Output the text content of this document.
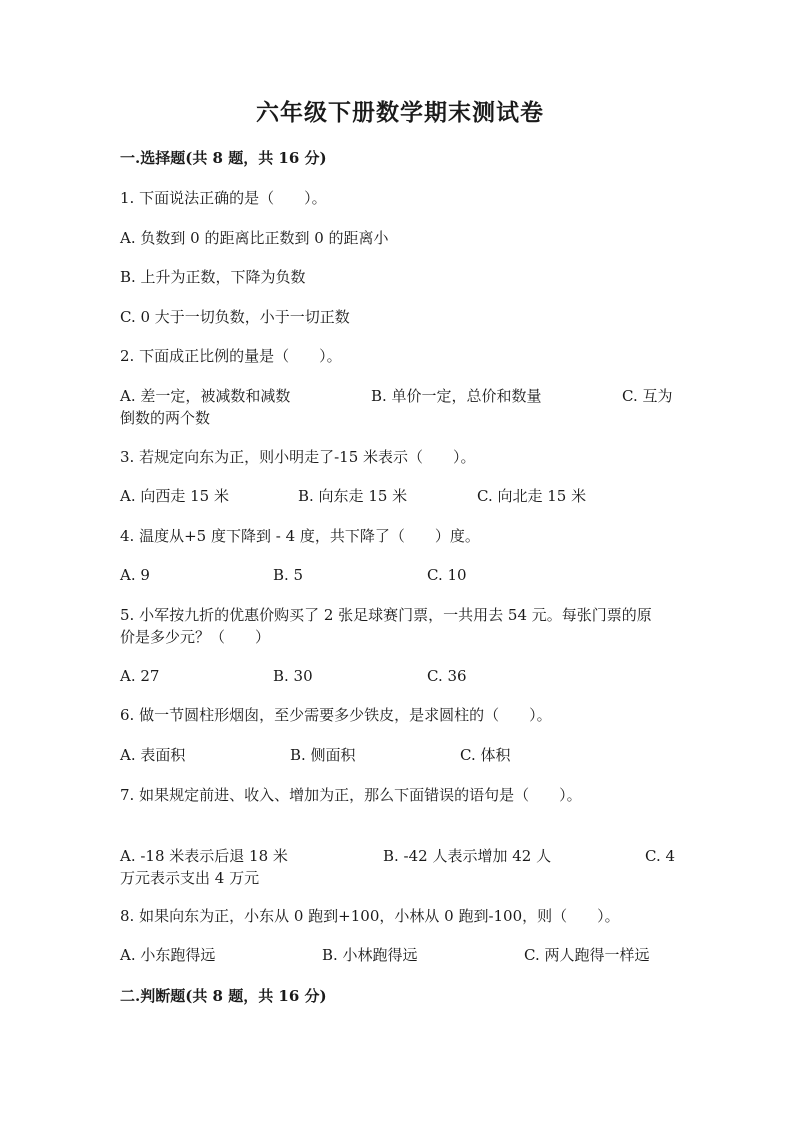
六年级下册数学期末测试卷
一.选择题(共 8 题，共 16 分)
1. 下面说法正确的是（　　）。
A. 负数到 0 的距离比正数到 0 的距离小
B. 上升为正数，下降为负数
C. 0 大于一切负数，小于一切正数
2. 下面成正比例的量是（　　）。
A. 差一定，被减数和减数	B. 单价一定，总价和数量	C. 互为
倒数的两个数
3. 若规定向东为正，则小明走了-15 米表示（　　）。
A. 向西走 15 米	B. 向东走 15 米	C. 向北走 15 米
4. 温度从+5 度下降到 - 4 度，共下降了（　　）度。
A. 9	B. 5	C. 10
5. 小军按九折的优惠价购买了 2 张足球赛门票，一共用去 54 元。每张门票的原
价是多少元？（　　）
A. 27	B. 30	C. 36
6. 做一节圆柱形烟囱，至少需要多少铁皮，是求圆柱的（　　）。
A. 表面积	B. 侧面积	C. 体积
7. 如果规定前进、收入、增加为正，那么下面错误的语句是（　　）。
A. -18 米表示后退 18 米	B. -42 人表示增加 42 人	C. 4
万元表示支出 4 万元
8. 如果向东为正，小东从 0 跑到+100，小林从 0 跑到-100，则（　　）。
A. 小东跑得远	B. 小林跑得远	C. 两人跑得一样远
二.判断题(共 8 题，共 16 分)
